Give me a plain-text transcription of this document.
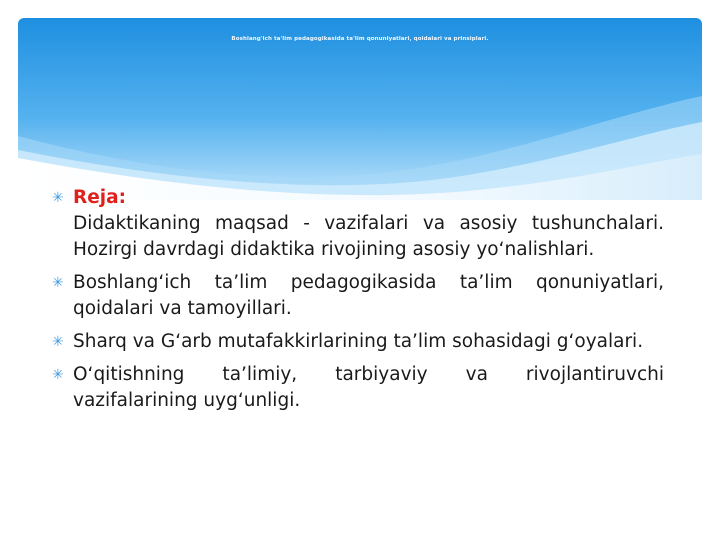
Boshlang'ich ta'lim pedagogikasida ta'lim qonuniyatlari, qoidalari va prinsiplari.
✳ Reja:
Didaktikaning maqsad - vazifalari va asosiy tushunchalari. Hozirgi davrdagi didaktika rivojining asosiy yo‘nalishlari.
✳ Boshlang‘ich ta’lim pedagogikasida ta’lim qonuniyatlari, qoidalari va tamoyillari.
✳ Sharq va G‘arb mutafakkirlarining ta’lim sohasidagi g‘oyalari.
✳ O‘qitishning ta’limiy, tarbiyaviy va rivojlantiruvchi vazifalarining uyg‘unligi.
